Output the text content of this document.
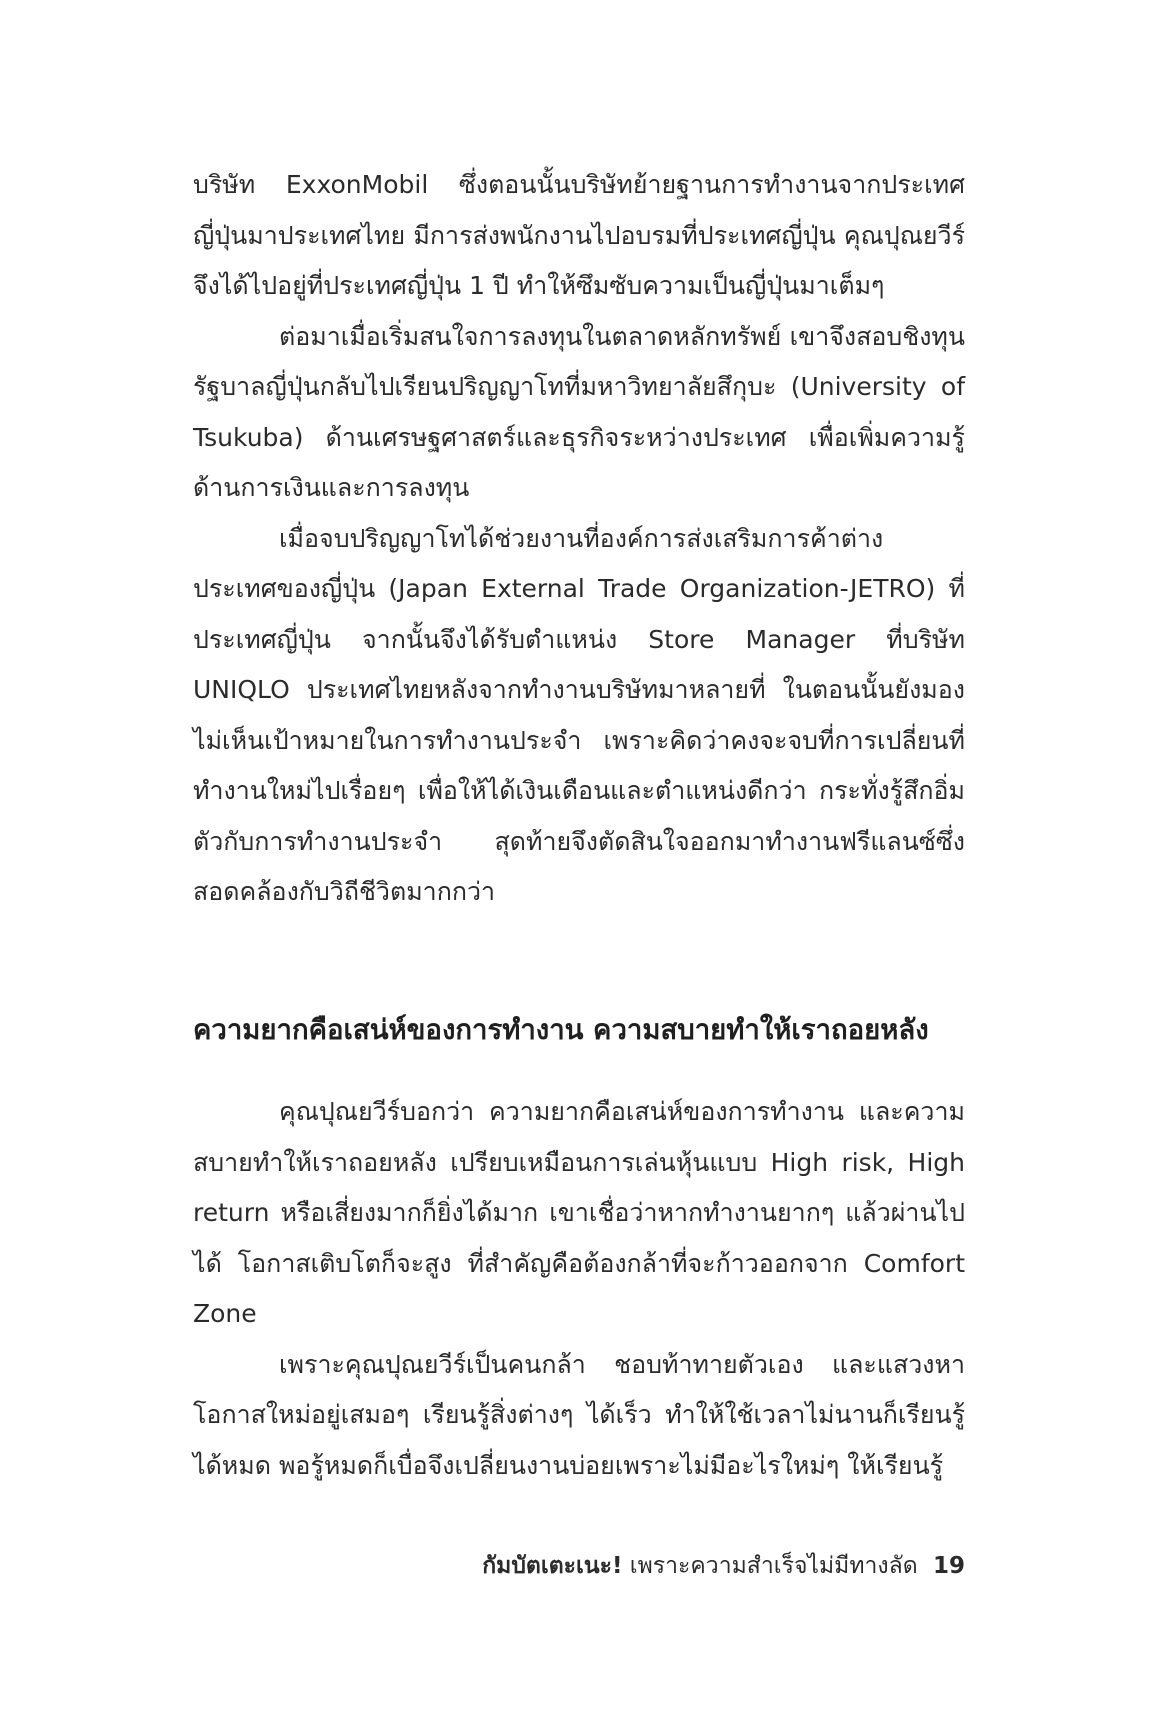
บริษัท ExxonMobil ซึ่งตอนนั้นบริษัทย้ายฐานการทำงานจากประเทศญี่ปุ่นมาประเทศไทย มีการส่งพนักงานไปอบรมที่ประเทศญี่ปุ่น คุณปุณยวีร์จึงได้ไปอยู่ที่ประเทศญี่ปุ่น 1 ปี ทำให้ซึมซับความเป็นญี่ปุ่นมาเต็มๆ

ต่อมาเมื่อเริ่มสนใจการลงทุนในตลาดหลักทรัพย์ เขาจึงสอบชิงทุนรัฐบาลญี่ปุ่นกลับไปเรียนปริญญาโทที่มหาวิทยาลัยสึกุบะ (University of Tsukuba) ด้านเศรษฐศาสตร์และธุรกิจระหว่างประเทศ เพื่อเพิ่มความรู้ด้านการเงินและการลงทุน

เมื่อจบปริญญาโทได้ช่วยงานที่องค์การส่งเสริมการค้าต่างประเทศของญี่ปุ่น (Japan External Trade Organization-JETRO) ที่ประเทศญี่ปุ่น จากนั้นจึงได้รับตำแหน่ง Store Manager ที่บริษัท UNIQLO ประเทศไทยหลังจากทำงานบริษัทมาหลายที่ ในตอนนั้นยังมองไม่เห็นเป้าหมายในการทำงานประจำ เพราะคิดว่าคงจะจบที่การเปลี่ยนที่ทำงานใหม่ไปเรื่อยๆ เพื่อให้ได้เงินเดือนและตำแหน่งดีกว่า กระทั่งรู้สึกอิ่มตัวกับการทำงานประจำ สุดท้ายจึงตัดสินใจออกมาทำงานฟรีแลนซ์ซึ่งสอดคล้องกับวิถีชีวิตมากกว่า

ความยากคือเสน่ห์ของการทำงาน ความสบายทำให้เราถอยหลัง

คุณปุณยวีร์บอกว่า ความยากคือเสน่ห์ของการทำงาน และความสบายทำให้เราถอยหลัง เปรียบเหมือนการเล่นหุ้นแบบ High risk, High return หรือเสี่ยงมากก็ยิ่งได้มาก เขาเชื่อว่าหากทำงานยากๆ แล้วผ่านไปได้ โอกาสเติบโตก็จะสูง ที่สำคัญคือต้องกล้าที่จะก้าวออกจาก Comfort Zone

เพราะคุณปุณยวีร์เป็นคนกล้า ชอบท้าทายตัวเอง และแสวงหาโอกาสใหม่อยู่เสมอๆ เรียนรู้สิ่งต่างๆ ได้เร็ว ทำให้ใช้เวลาไม่นานก็เรียนรู้ได้หมด พอรู้หมดก็เบื่อจึงเปลี่ยนงานบ่อยเพราะไม่มีอะไรใหม่ๆ ให้เรียนรู้

กัมบัตเตะเนะ! เพราะความสำเร็จไม่มีทางลัด 19
